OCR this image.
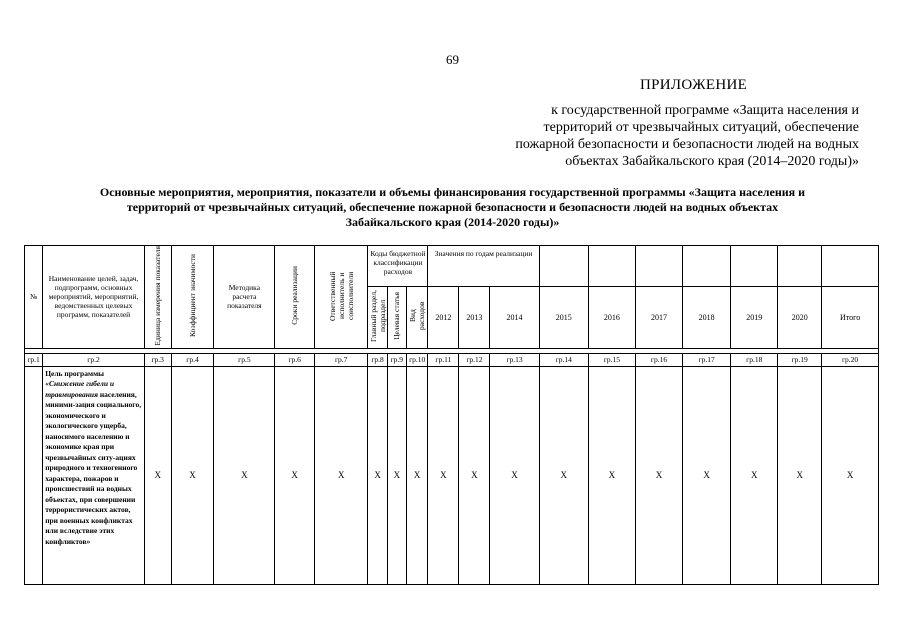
69
ПРИЛОЖЕНИЕ
к государственной программе «Защита населения и
территорий от чрезвычайных ситуаций, обеспечение
пожарной безопасности и безопасности людей на водных
объектах Забайкальского края (2014–2020 годы)»
Основные мероприятия, мероприятия, показатели и объемы финансирования государственной программы «Защита населения и
территорий от чрезвычайных ситуаций, обеспечение пожарной безопасности и безопасности людей на водных объектах
Забайкальского края (2014-2020 годы)»
№	Наименование целей, задач, подпрограмм, основных мероприятий, мероприятий, ведомственных целевых программ, показателей	Единица измерения показателя	Коэффициент значимости	Методика расчета показателя	Сроки реализации	Ответственный исполнитель и соисполнители	Коды бюджетной классификации расходов			Значения по годам реализации									
							Главный раздел, подраздел	Целевая статья	Вид расходов	2012	2013	2014	2015	2016	2017	2018	2019	2020	Итого

гр.1	гр.2	гр.3	гр.4	гр.5	гр.6	гр.7	гр.8	гр.9	гр.10	гр.11	гр.12	гр.13	гр.14	гр.15	гр.16	гр.17	гр.18	гр.19	гр.20
	Цель программы «Снижение гибели и травмирования населения, миними-зация социального, экономического и экологического ущерба, наносимого населению и экономике края при чрезвычайных ситу-ациях природного и техногенного характера, пожаров и происшествий на водных объектах, при совершении террористических актов, при военных конфликтах или вследствие этих конфликтов»	X	X	X	X	X	X	X	X	X	X	X	X	X	X	X	X	X	X
